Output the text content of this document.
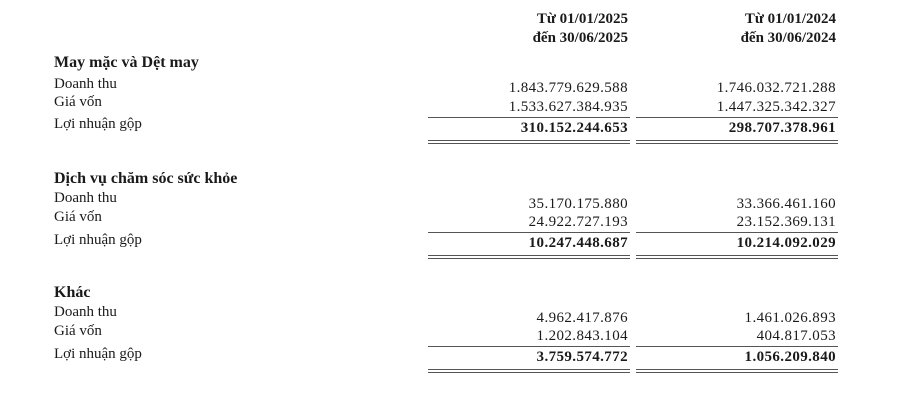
Từ 01/01/2025
đến 30/06/2025
Từ 01/01/2024
đến 30/06/2024
May mặc và Dệt may
Doanh thu	1.843.779.629.588	1.746.032.721.288
Giá vốn	1.533.627.384.935	1.447.325.342.327
Lợi nhuận gộp	310.152.244.653	298.707.378.961
Dịch vụ chăm sóc sức khỏe
Doanh thu	35.170.175.880	33.366.461.160
Giá vốn	24.922.727.193	23.152.369.131
Lợi nhuận gộp	10.247.448.687	10.214.092.029
Khác
Doanh thu	4.962.417.876	1.461.026.893
Giá vốn	1.202.843.104	404.817.053
Lợi nhuận gộp	3.759.574.772	1.056.209.840
